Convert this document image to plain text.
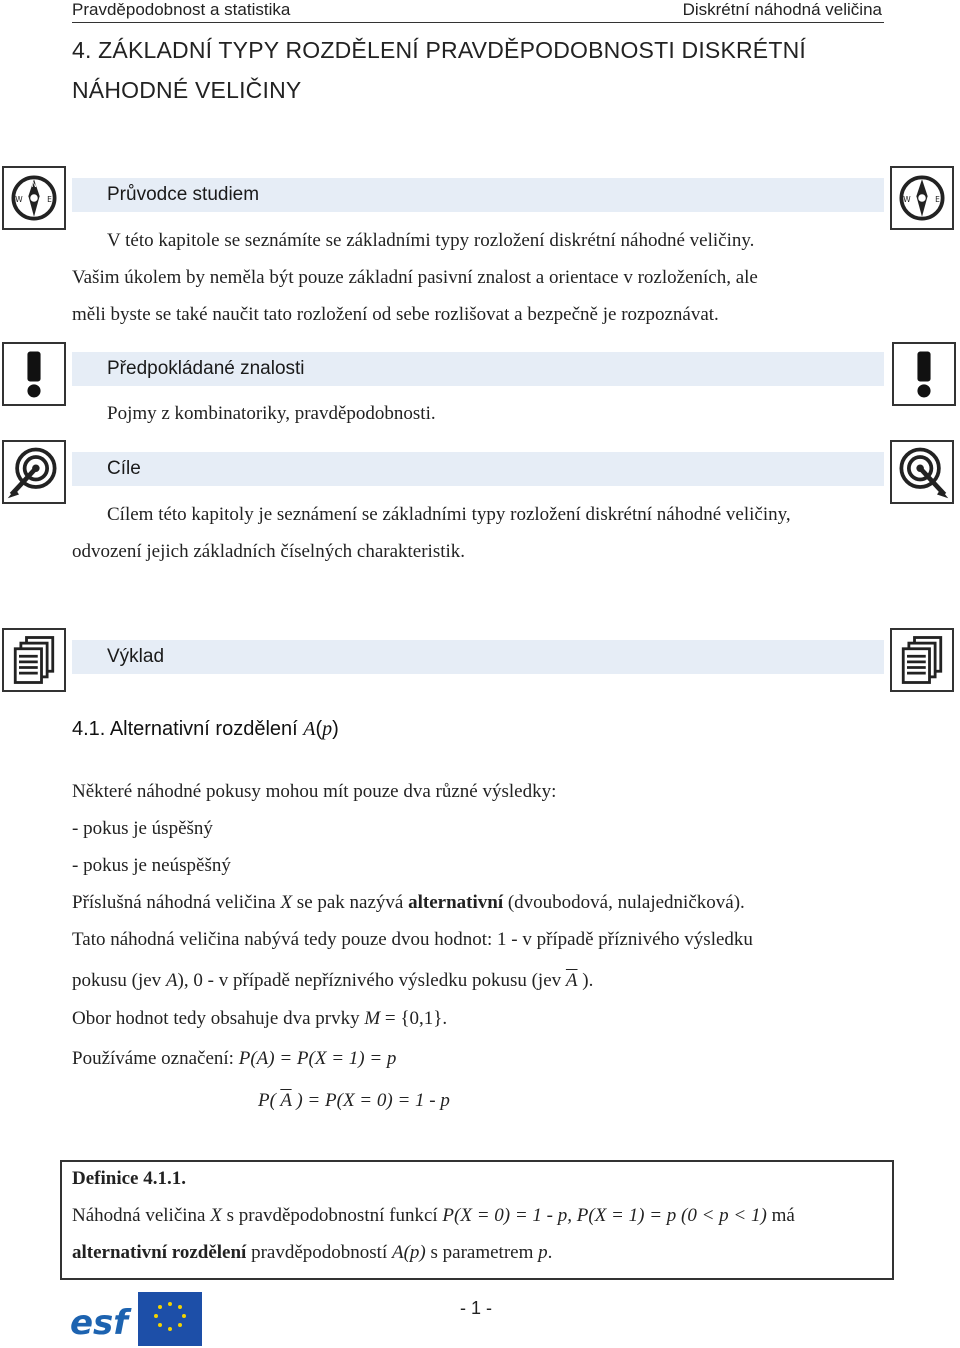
Pravděpodobnost a statistika	Diskrétní náhodná veličina
4. ZÁKLADNÍ TYPY ROZDĚLENÍ PRAVDĚPODOBNOSTI DISKRÉTNÍ
NÁHODNÉ VELIČINY
N
W	E	W	E
Průvodce studiem
V této kapitole se seznámíte se základními typy rozložení diskrétní náhodné veličiny.
Vašim úkolem by neměla být pouze základní pasivní znalost a orientace v rozloženích, ale
měli byste se také naučit tato rozložení od sebe rozlišovat a bezpečně je rozpoznávat.
Předpokládané znalosti
Pojmy z kombinatoriky, pravděpodobnosti.
Cíle
Cílem této kapitoly je seznámení se základními typy rozložení diskrétní náhodné veličiny,
odvození jejich základních číselných charakteristik.
Výklad
4.1. Alternativní rozdělení A(p)
Některé náhodné pokusy mohou mít pouze dva různé výsledky:
- pokus je úspěšný
- pokus je neúspěšný
Příslušná náhodná veličina X se pak nazývá alternativní (dvoubodová, nulajedničková).
Tato náhodná veličina nabývá tedy pouze dvou hodnot: 1 - v případě příznivého výsledku
pokusu (jev A), 0 - v případě nepříznivého výsledku pokusu (jev $\overline{A}$ ).
Obor hodnot tedy obsahuje dva prvky M = {0,1}.
Používáme označení: P(A) = P(X = 1) = p
P( $\overline{A}$ ) = P(X = 0) = 1 - p
Definice 4.1.1.
Náhodná veličina X s pravděpodobnostní funkcí P(X = 0) = 1 - p, P(X = 1) = p (0 < p < 1) má
alternativní rozdělení pravděpodobností A(p) s parametrem p.
esf	- 1 -
